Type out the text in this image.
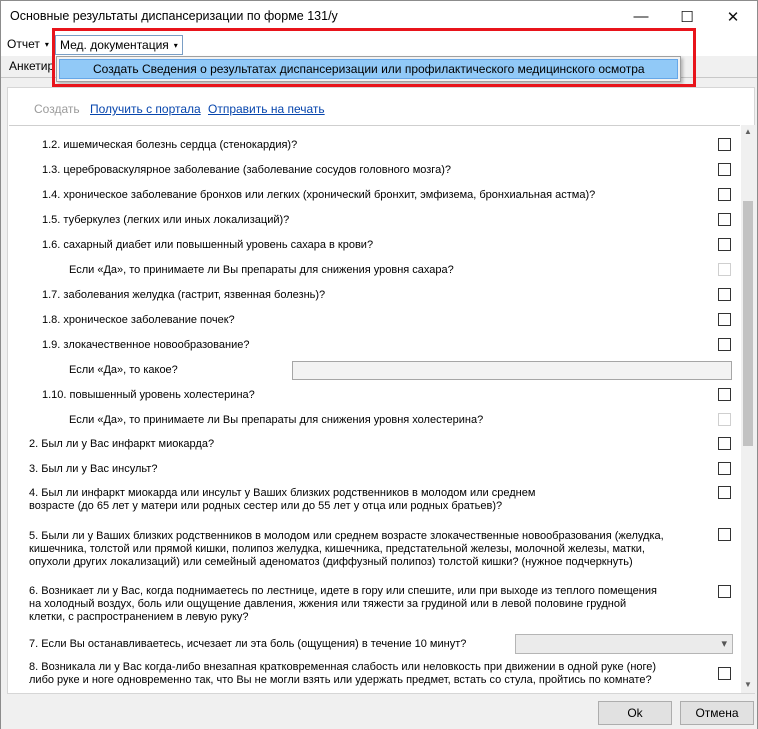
Основные результаты диспансеризации по форме 131/у	—	☐	✕
Отчет ▾ Мед. документация ▾
Анкетир
Создать Получить с портала Отправить на печать
1.2. ишемическая болезнь сердца (стенокардия)?
1.3. цереброваскулярное заболевание (заболевание сосудов головного мозга)?
1.4. хроническое заболевание бронхов или легких (хронический бронхит, эмфизема, бронхиальная астма)?
1.5. туберкулез (легких или иных локализаций)?
1.6. сахарный диабет или повышенный уровень сахара в крови?
Если «Да», то принимаете ли Вы препараты для снижения уровня сахара?
1.7. заболевания желудка (гастрит, язвенная болезнь)?
1.8. хроническое заболевание почек?
1.9. злокачественное новообразование?
Если «Да», то какое?
1.10. повышенный уровень холестерина?
Если «Да», то принимаете ли Вы препараты для снижения уровня холестерина?
2. Был ли у Вас инфаркт миокарда?
3. Был ли у Вас инсульт?
4. Был ли инфаркт миокарда или инсульт у Ваших близких родственников в молодом или среднем
возрасте (до 65 лет у матери или родных сестер или до 55 лет у отца или родных братьев)?
5. Были ли у Ваших близких родственников в молодом или среднем возрасте злокачественные новообразования (желудка,
кишечника, толстой или прямой кишки, полипоз желудка, кишечника, предстательной железы, молочной железы, матки,
опухоли других локализаций) или семейный аденоматоз (диффузный полипоз) толстой кишки? (нужное подчеркнуть)
6. Возникает ли у Вас, когда поднимаетесь по лестнице, идете в гору или спешите, или при выходе из теплого помещения
на холодный воздух, боль или ощущение давления, жжения или тяжести за грудиной или в левой половине грудной
клетки, с распространением в левую руку?
7. Если Вы останавливаетесь, исчезает ли эта боль (ощущения) в течение 10 минут?	▾
8. Возникала ли у Вас когда-либо внезапная кратковременная слабость или неловкость при движении в одной руке (ноге)
либо руке и ноге одновременно так, что Вы не могли взять или удержать предмет, встать со стула, пройтись по комнате?
▲
▼
Создать Сведения о результатах диспансеризации или профилактического медицинского осмотра
Ok	Отмена
